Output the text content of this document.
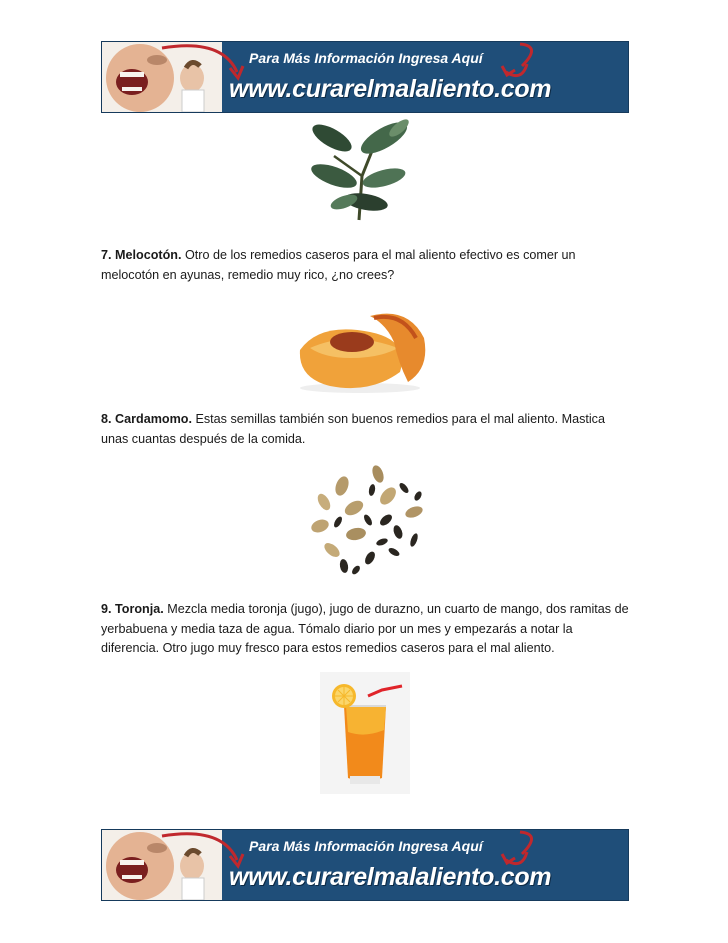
Para Más Información Ingresa Aquí
www.curarelmalaliento.com

7. Melocotón. Otro de los remedios caseros para el mal aliento efectivo es comer un melocotón en ayunas, remedio muy rico, ¿no crees?

8. Cardamomo. Estas semillas también son buenos remedios para el mal aliento. Mastica unas cuantas después de la comida.

9. Toronja. Mezcla media toronja (jugo), jugo de durazno, un cuarto de mango, dos ramitas de yerbabuena y media taza de agua. Tómalo diario por un mes y empezarás a notar la diferencia. Otro jugo muy fresco para estos remedios caseros para el mal aliento.

Para Más Información Ingresa Aquí
www.curarelmalaliento.com
